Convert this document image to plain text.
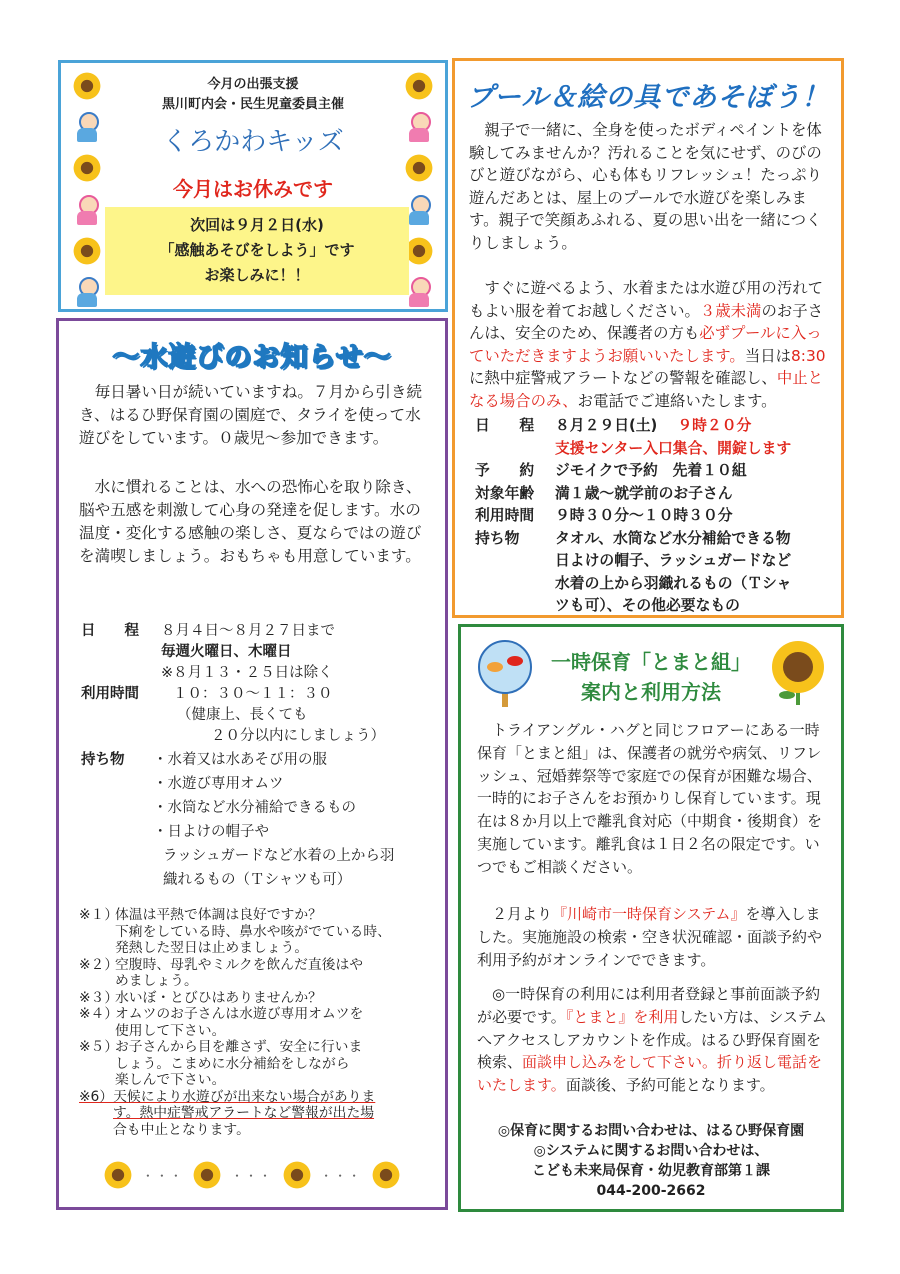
今月の出張支援
黒川町内会・民生児童委員主催
くろかわキッズ
今月はお休みです
次回は９月２日(水)
「感触あそびをしよう」です
お楽しみに！！
～水遊びのお知らせ～
毎日暑い日が続いていますね。７月から引き続き、はるひ野保育園の園庭で、タライを使って水遊びをしています。０歳児～参加できます。
水に慣れることは、水への恐怖心を取り除き、脳や五感を刺激して心身の発達を促します。水の温度・変化する感触の楽しさ、夏ならではの遊びを満喫しましょう。おもちゃも用意しています。
日　　程	８月４日～８月２７日まで
毎週火曜日、木曜日
※８月１３・２５日は除く
利用時間	１０：３０～１１：３０
（健康上、長くても
２０分以内にしましょう）
持ち物	・水着又は水あそび用の服
・水遊び専用オムツ
・水筒など水分補給できるもの
・日よけの帽子や
ラッシュガードなど水着の上から羽
織れるもの（Ｔシャツも可）
※１）
体温は平熱で体調は良好ですか？
下痢をしている時、鼻水や咳がでている時、
発熱した翌日は止めましょう。
※２）
空腹時、母乳やミルクを飲んだ直後はや
めましょう。
※３）
水いぼ・とびひはありませんか？
※４）
オムツのお子さんは水遊び専用オムツを
使用して下さい。
※５）
お子さんから目を離さず、安全に行いま
しょう。こまめに水分補給をしながら
楽しんで下さい。
※6）天候により水遊びが出来ない場合がありま
す。熱中症警戒アラートなど警報が出た場
合も中止となります。
・・・	・・・	・・・
プール＆絵の具であそぼう！
親子で一緒に、全身を使ったボディペイントを体験してみませんか？汚れることを気にせず、のびのびと遊びながら、心も体もリフレッシュ！たっぷり遊んだあとは、屋上のプールで水遊びを楽しみます。親子で笑顔あふれる、夏の思い出を一緒につくりしましょう。
すぐに遊べるよう、水着または水遊び用の汚れてもよい服を着てお越しください。３歳未満のお子さんは、安全のため、保護者の方も必ずプールに入っていただきますようお願いいたします。当日は8:30に熱中症警戒アラートなどの警報を確認し、中止となる場合のみ、お電話でご連絡いたします。
日　　程	８月２９日(土) ９時２０分
支援センター入口集合、開錠します
予　　約	ジモイクで予約　先着１０組
対象年齢	満１歳～就学前のお子さん
利用時間	９時３０分～１０時３０分
持ち物	タオル、水筒など水分補給できる物
日よけの帽子、ラッシュガードなど
水着の上から羽織れるもの（Ｔシャ
ツも可）、その他必要なもの
一時保育「とまと組」
案内と利用方法
トライアングル・ハグと同じフロアーにある一時保育「とまと組」は、保護者の就労や病気、リフレッシュ、冠婚葬祭等で家庭での保育が困難な場合、一時的にお子さんをお預かりし保育しています。現在は８か月以上で離乳食対応（中期食・後期食）を実施しています。離乳食は１日２名の限定です。いつでもご相談ください。
２月より『川崎市一時保育システム』を導入しました。実施施設の検索・空き状況確認・面談予約や利用予約がオンラインでできます。
◎一時保育の利用には利用者登録と事前面談予約が必要です。『とまと』を利用したい方は、システムへアクセスしアカウントを作成。はるひ野保育園を検索、面談申し込みをして下さい。折り返し電話をいたします。面談後、予約可能となります。
◎保育に関するお問い合わせは、はるひ野保育園
◎システムに関するお問い合わせは、
こども未来局保育・幼児教育部第１課
044-200-2662
